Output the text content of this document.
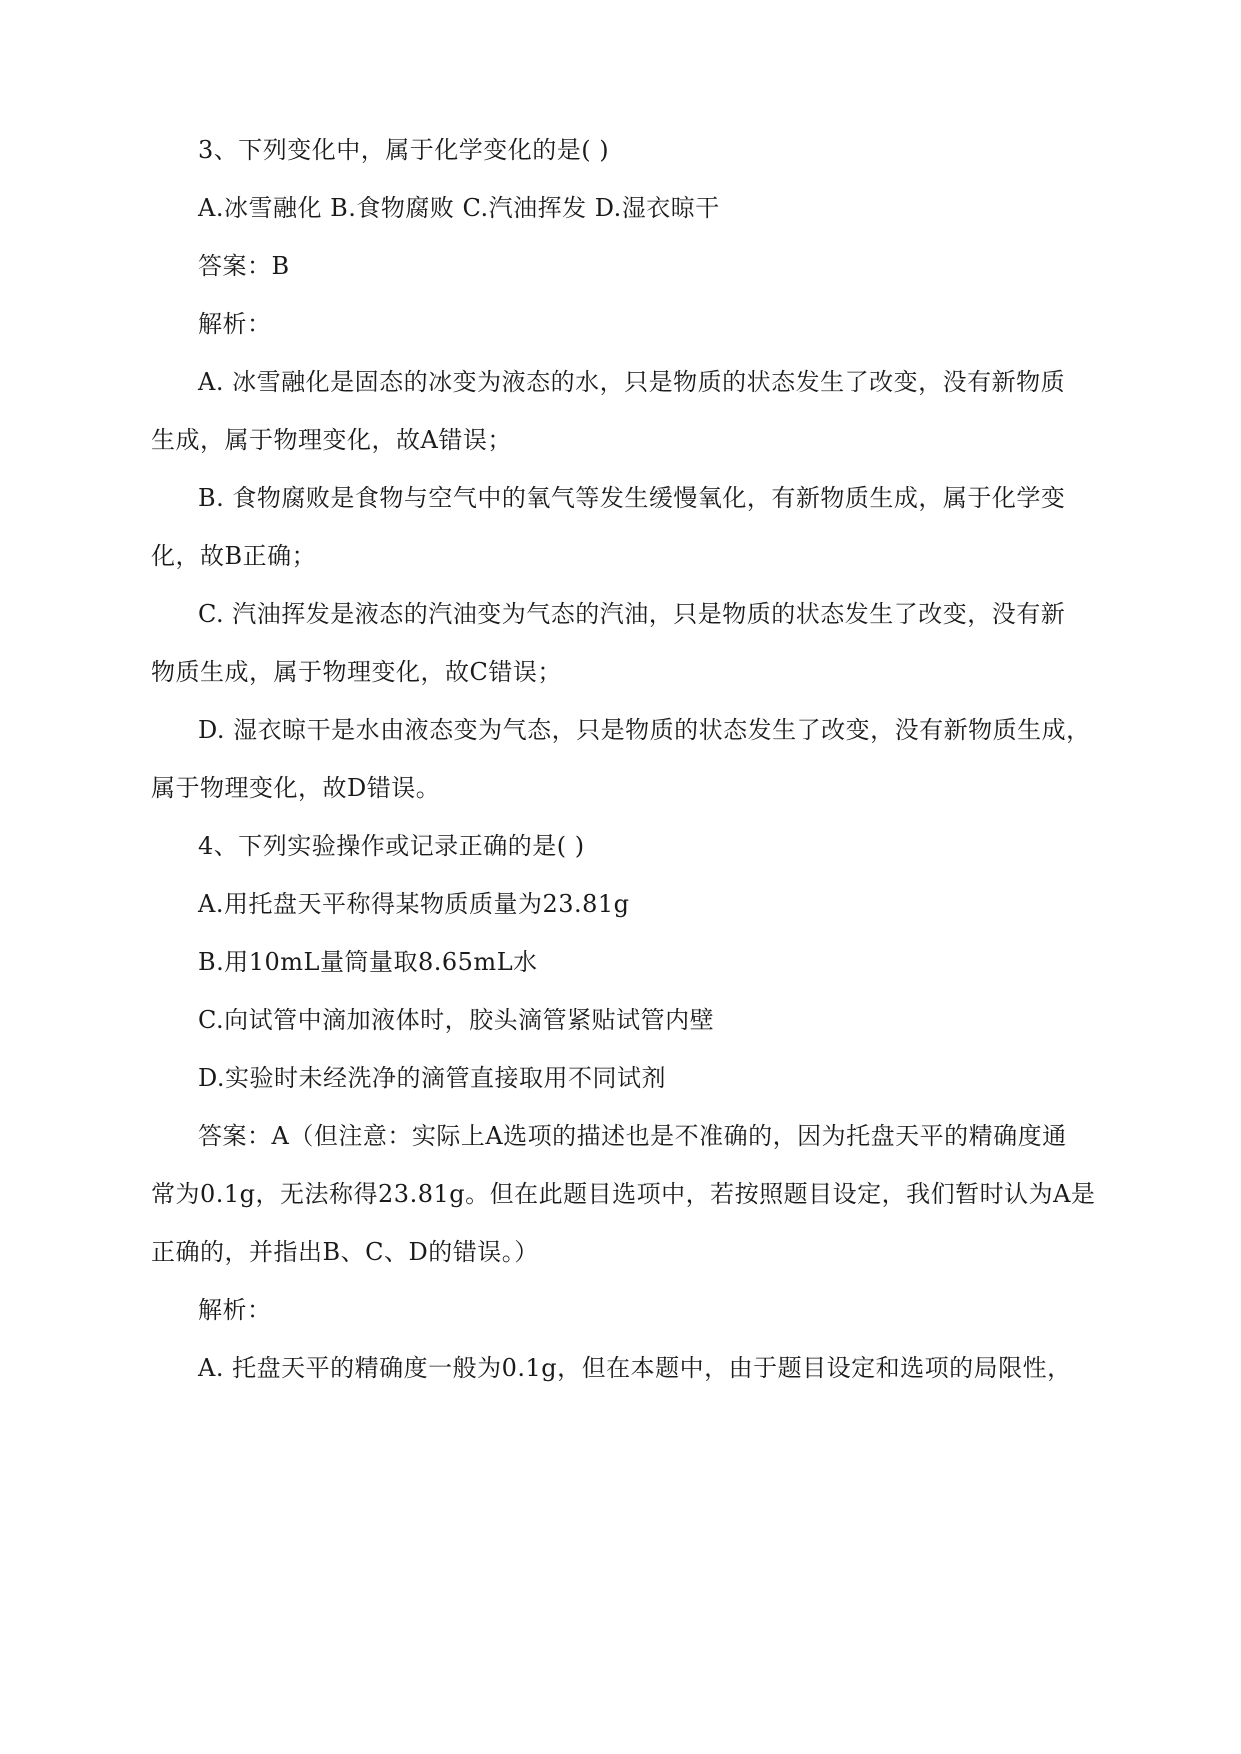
3、下列变化中，属于化学变化的是( )
A.冰雪融化 B.食物腐败 C.汽油挥发 D.湿衣晾干
答案：B
解析：
A. 冰雪融化是固态的冰变为液态的水，只是物质的状态发生了改变，没有新物质
生成，属于物理变化，故A错误；
B. 食物腐败是食物与空气中的氧气等发生缓慢氧化，有新物质生成，属于化学变
化，故B正确；
C. 汽油挥发是液态的汽油变为气态的汽油，只是物质的状态发生了改变，没有新
物质生成，属于物理变化，故C错误；
D. 湿衣晾干是水由液态变为气态，只是物质的状态发生了改变，没有新物质生成，
属于物理变化，故D错误。
4、下列实验操作或记录正确的是( )
A.用托盘天平称得某物质质量为23.81g
B.用10mL量筒量取8.65mL水
C.向试管中滴加液体时，胶头滴管紧贴试管内壁
D.实验时未经洗净的滴管直接取用不同试剂
答案：A（但注意：实际上A选项的描述也是不准确的，因为托盘天平的精确度通
常为0.1g，无法称得23.81g。但在此题目选项中，若按照题目设定，我们暂时认为A是
正确的，并指出B、C、D的错误。）
解析：
A. 托盘天平的精确度一般为0.1g，但在本题中，由于题目设定和选项的局限性，
